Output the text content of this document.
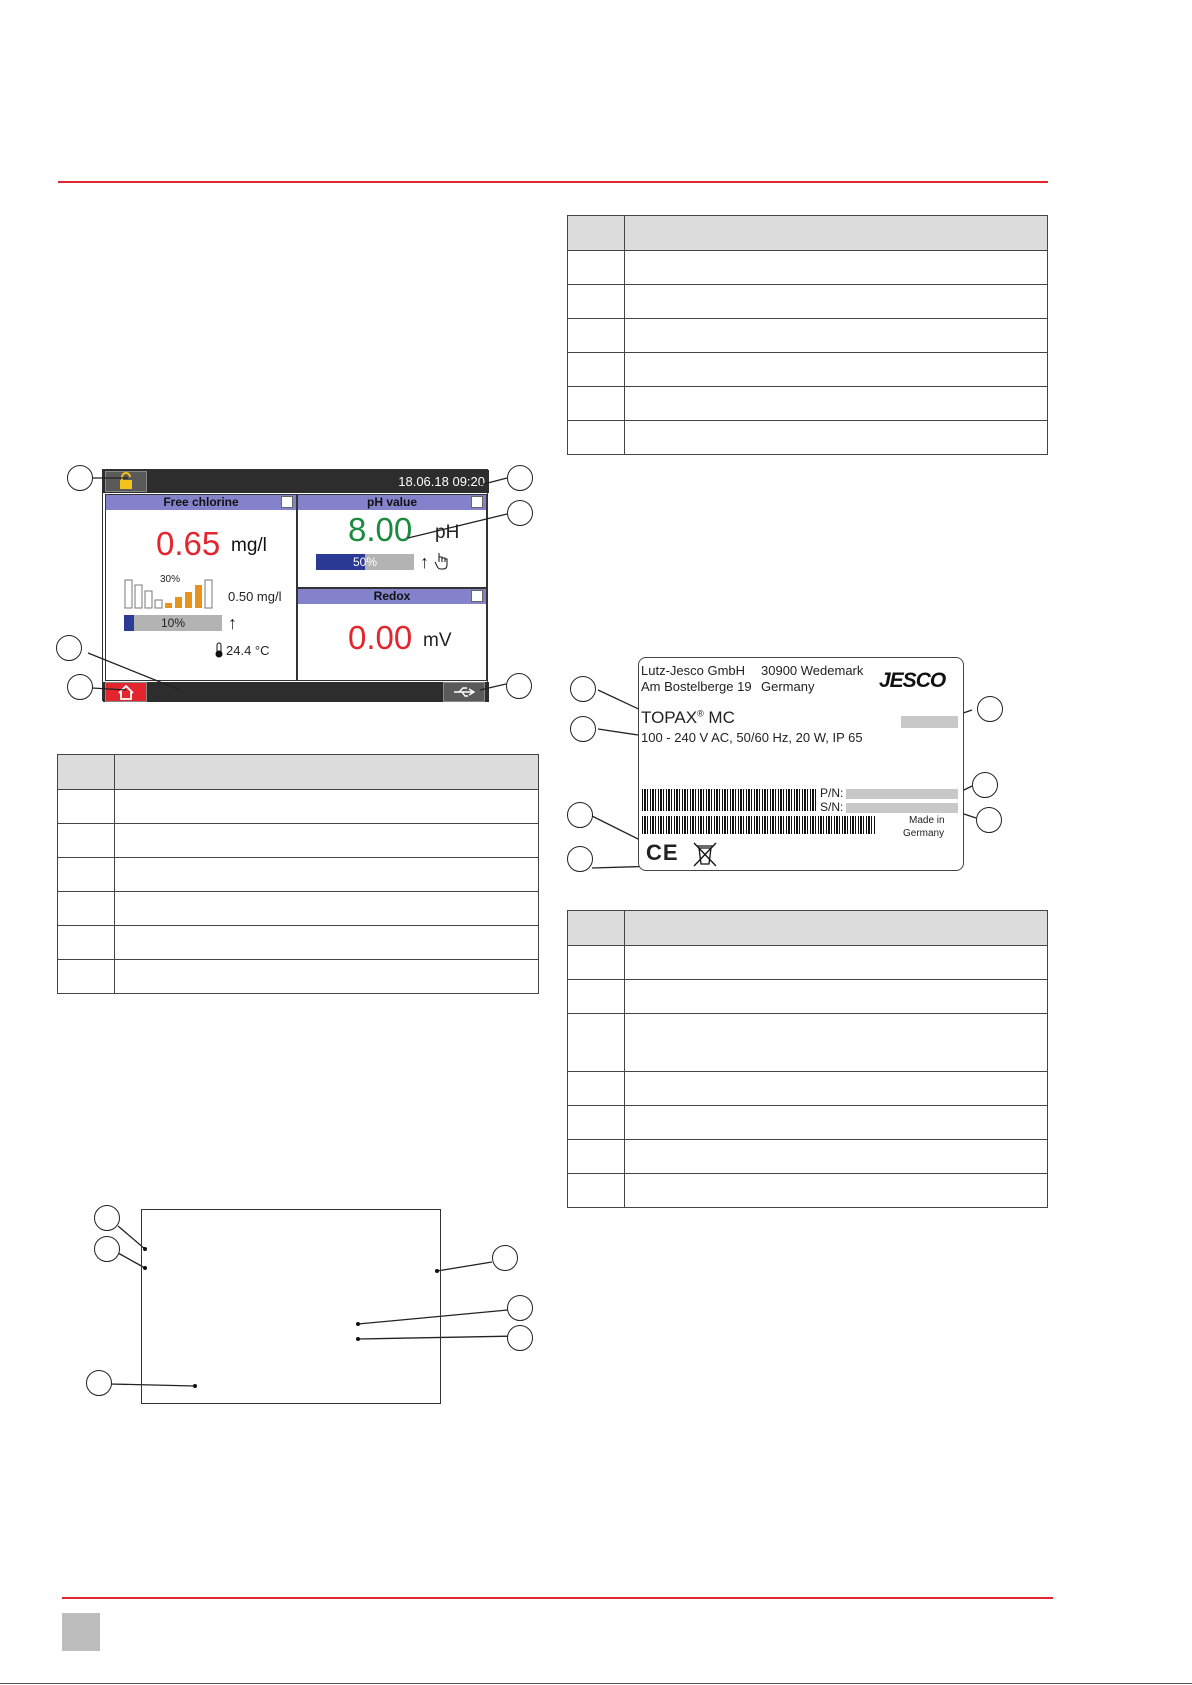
18.06.18 09:20
Free chlorine
0.65 mg/l
30%
0.50 mg/l
10%	↑
24.4 °C
pH value
8.00 pH
50%	↑
Redox
0.00 mV

Lutz-Jesco GmbH
Am Bostelberge 19
30900 Wedemark
Germany	JESCO
TOPAX® MC
100 - 240 V AC, 50/60 Hz, 20 W, IP 65
P/N:
S/N:
Made in
Germany
CE
